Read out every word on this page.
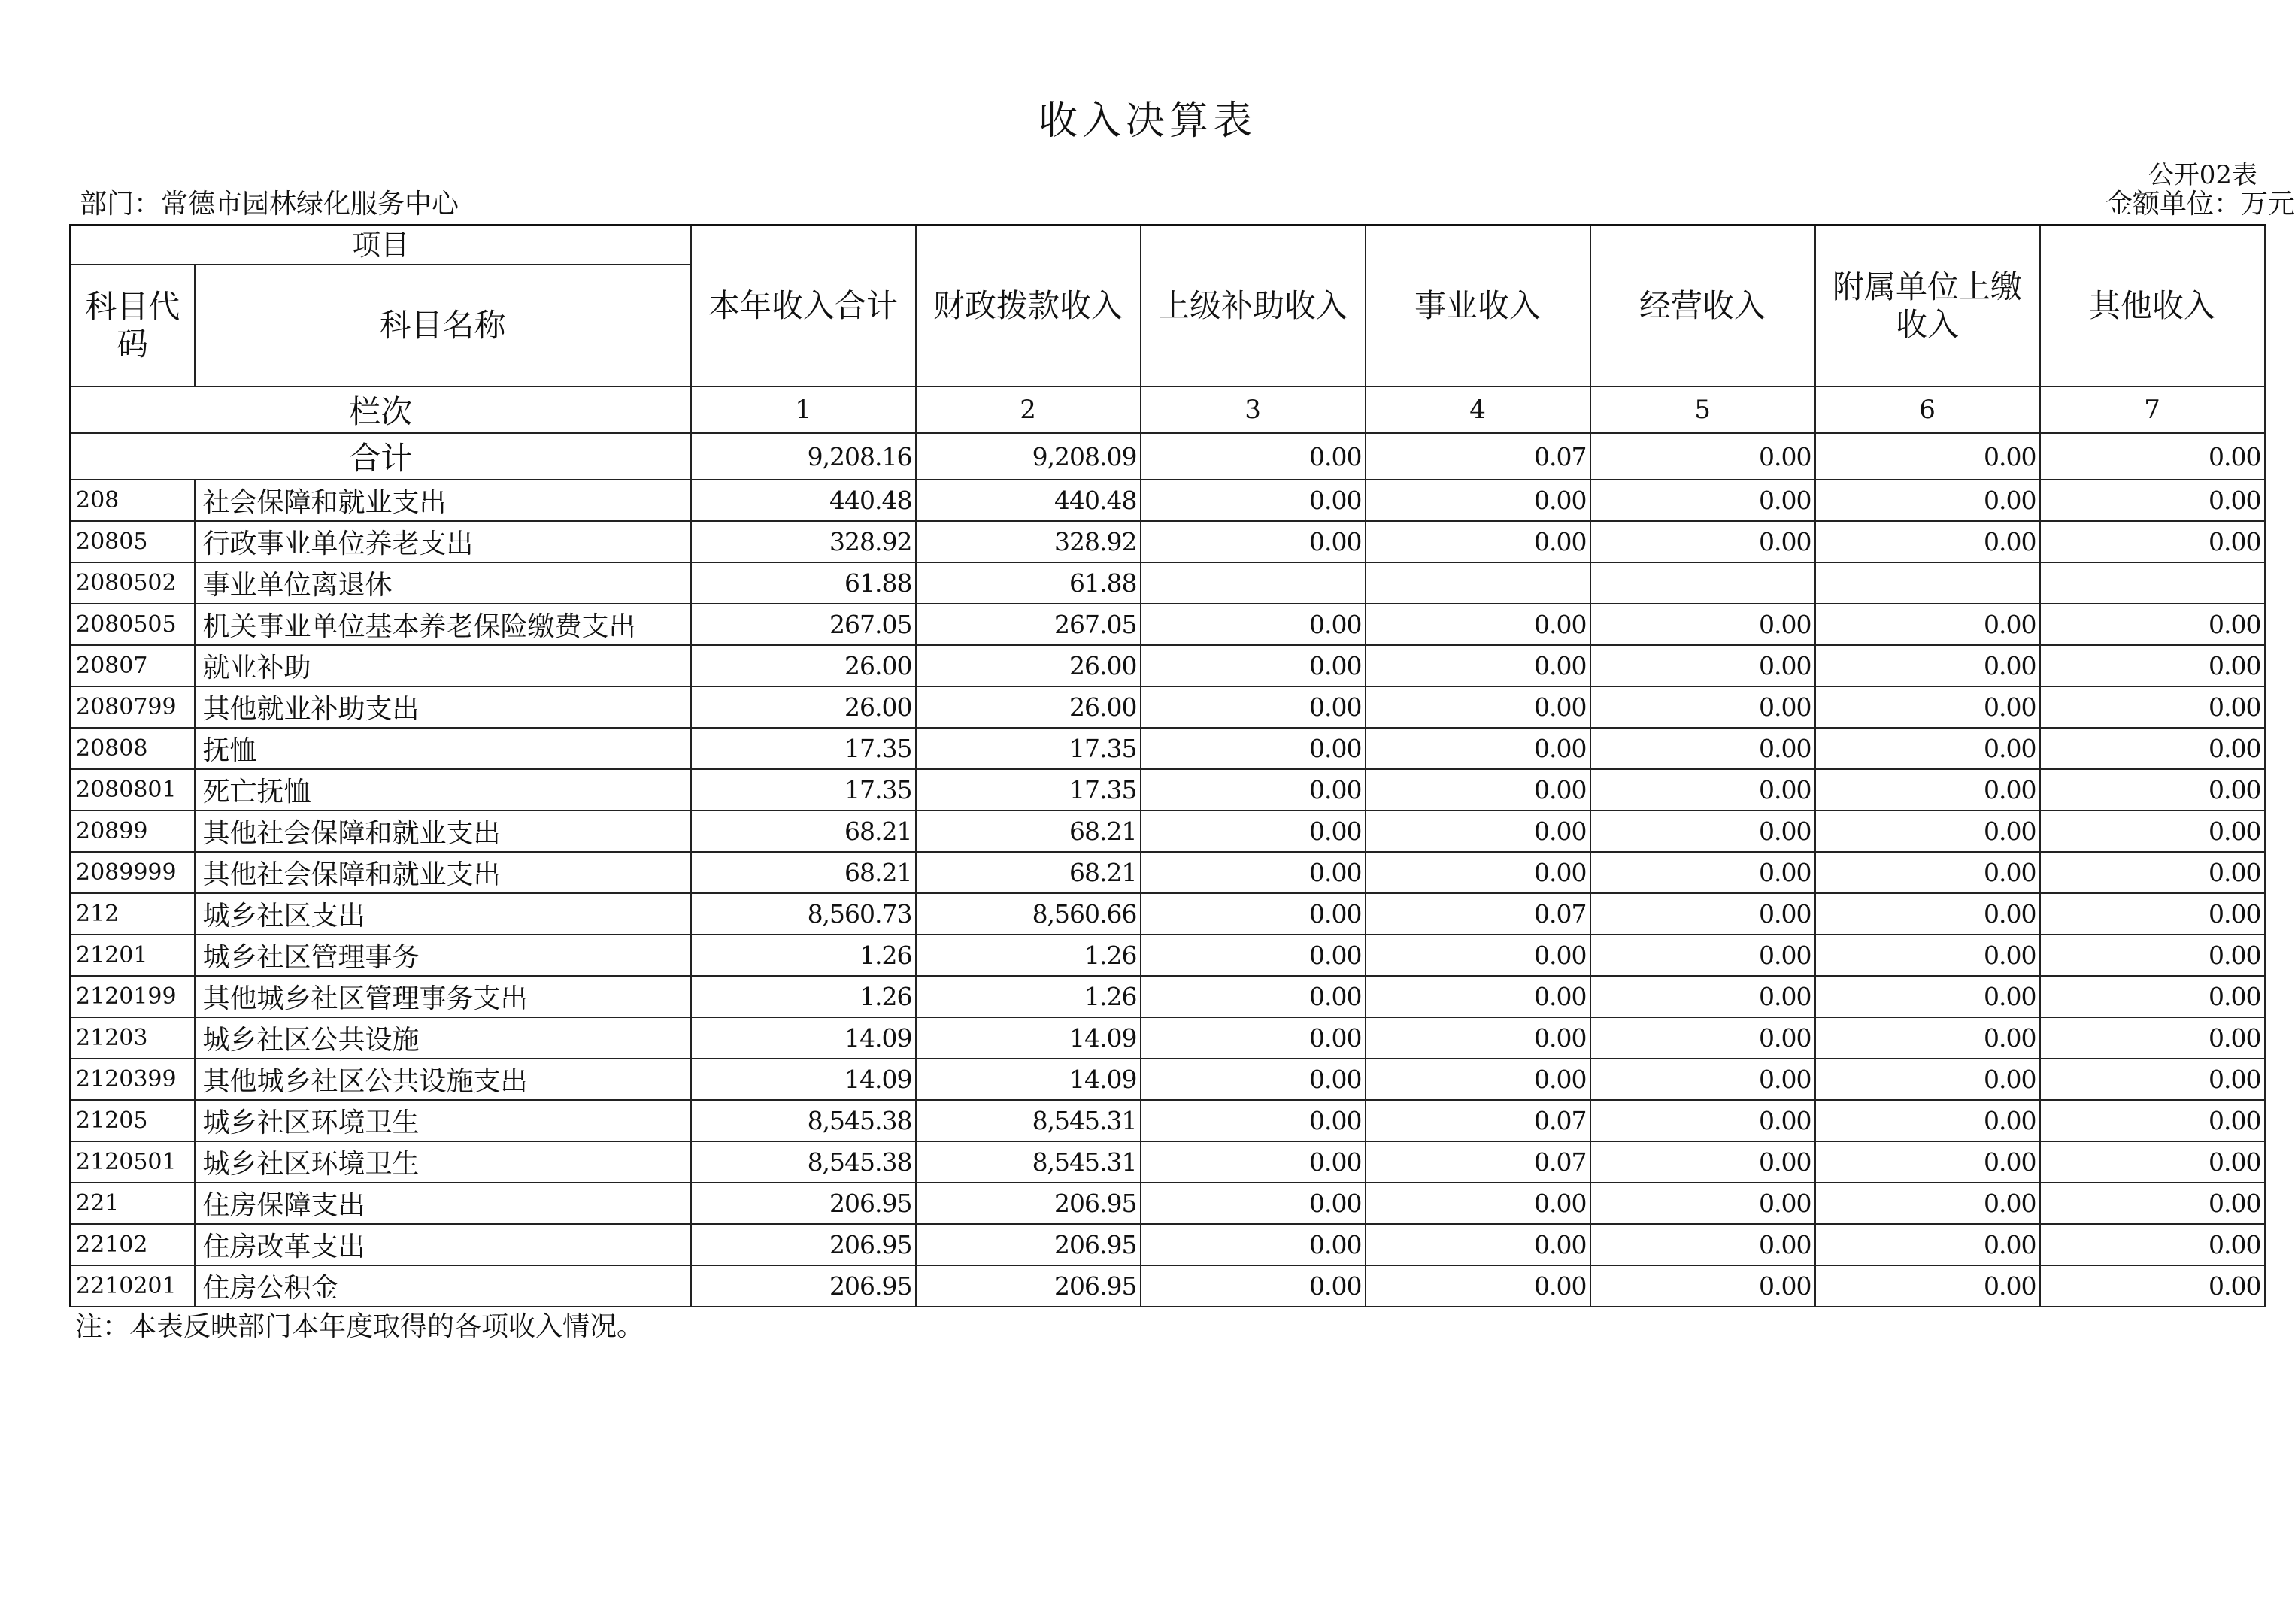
收入决算表
公开02表
金额单位：万元
部门：常德市园林绿化服务中心
项目		本年收入合计	财政拨款收入	上级补助收入	事业收入	经营收入	附属单位上缴收入	其他收入
科目代码	科目名称							
栏次		1	2	3	4	5	6	7
合计		9,208.16	9,208.09	0.00	0.07	0.00	0.00	0.00
208	社会保障和就业支出	440.48	440.48	0.00	0.00	0.00	0.00	0.00
20805	行政事业单位养老支出	328.92	328.92	0.00	0.00	0.00	0.00	0.00
2080502	事业单位离退休	61.88	61.88					
2080505	机关事业单位基本养老保险缴费支出	267.05	267.05	0.00	0.00	0.00	0.00	0.00
20807	就业补助	26.00	26.00	0.00	0.00	0.00	0.00	0.00
2080799	其他就业补助支出	26.00	26.00	0.00	0.00	0.00	0.00	0.00
20808	抚恤	17.35	17.35	0.00	0.00	0.00	0.00	0.00
2080801	死亡抚恤	17.35	17.35	0.00	0.00	0.00	0.00	0.00
20899	其他社会保障和就业支出	68.21	68.21	0.00	0.00	0.00	0.00	0.00
2089999	其他社会保障和就业支出	68.21	68.21	0.00	0.00	0.00	0.00	0.00
212	城乡社区支出	8,560.73	8,560.66	0.00	0.07	0.00	0.00	0.00
21201	城乡社区管理事务	1.26	1.26	0.00	0.00	0.00	0.00	0.00
2120199	其他城乡社区管理事务支出	1.26	1.26	0.00	0.00	0.00	0.00	0.00
21203	城乡社区公共设施	14.09	14.09	0.00	0.00	0.00	0.00	0.00
2120399	其他城乡社区公共设施支出	14.09	14.09	0.00	0.00	0.00	0.00	0.00
21205	城乡社区环境卫生	8,545.38	8,545.31	0.00	0.07	0.00	0.00	0.00
2120501	城乡社区环境卫生	8,545.38	8,545.31	0.00	0.07	0.00	0.00	0.00
221	住房保障支出	206.95	206.95	0.00	0.00	0.00	0.00	0.00
22102	住房改革支出	206.95	206.95	0.00	0.00	0.00	0.00	0.00
2210201	住房公积金	206.95	206.95	0.00	0.00	0.00	0.00	0.00
注：本表反映部门本年度取得的各项收入情况。
